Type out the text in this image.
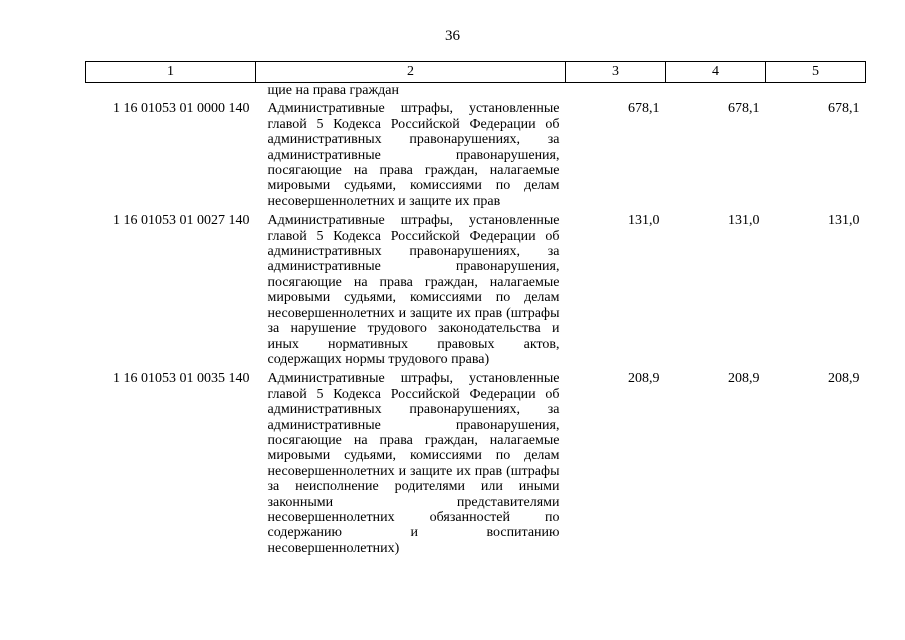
36
1	2	3	4	5
	щие на права граждан			
1 16 01053 01 0000 140	Административные штрафы, установленные главой 5 Кодекса Российской Федерации об административных правонарушениях, за административные правонарушения, посягающие на права граждан, налагаемые мировыми судьями, комиссиями по делам несовершеннолетних и защите их прав	678,1	678,1	678,1
1 16 01053 01 0027 140	Административные штрафы, установленные главой 5 Кодекса Российской Федерации об административных правонарушениях, за административные правонарушения, посягающие на права граждан, налагаемые мировыми судьями, комиссиями по делам несовершеннолетних и защите их прав (штрафы за нарушение трудового законодательства и иных нормативных правовых актов, содержащих нормы трудового права)	131,0	131,0	131,0
1 16 01053 01 0035 140	Административные штрафы, установленные главой 5 Кодекса Российской Федерации об административных правонарушениях, за административные правонарушения, посягающие на права граждан, налагаемые мировыми судьями, комиссиями по делам несовершеннолетних и защите их прав (штрафы за неисполнение родителями или иными законными представителями несовершеннолетних обязанностей по содержанию и воспитанию несовершеннолетних)	208,9	208,9	208,9
